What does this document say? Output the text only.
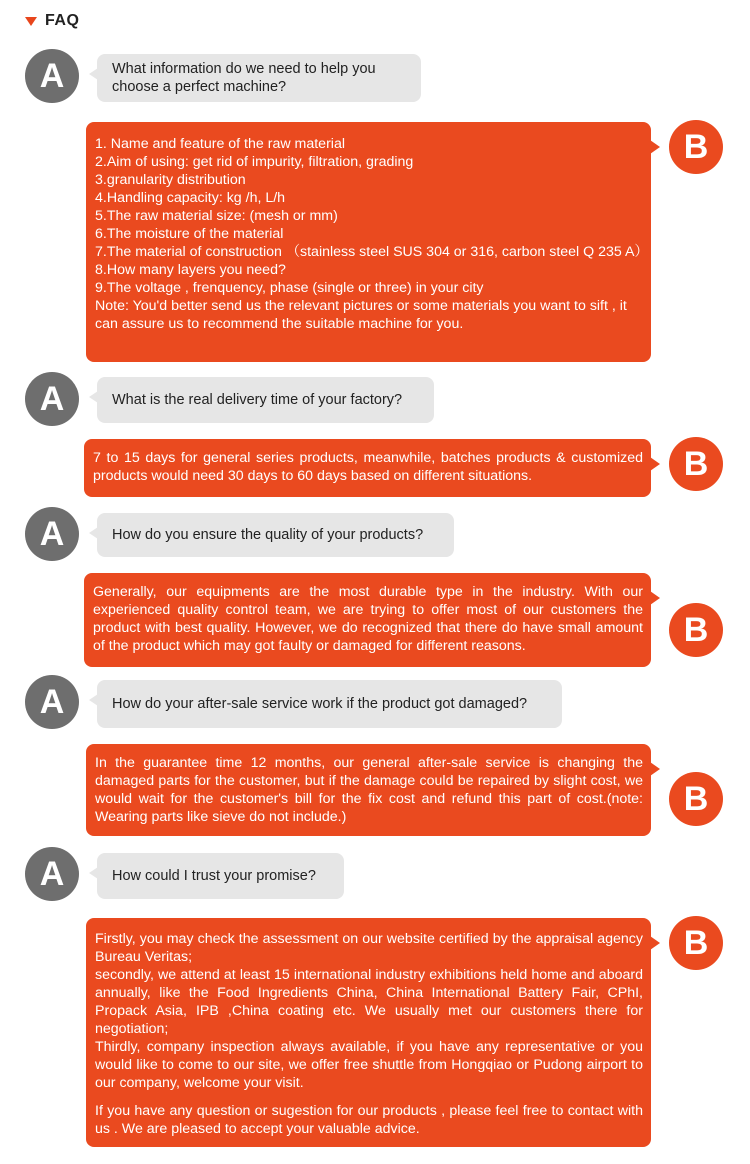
FAQ
A	What information do we need to help you choose a perfect machine?
1. Name and feature of the raw material
2.Aim of using: get rid of impurity, filtration, grading
3.granularity distribution
4.Handling capacity: kg /h, L/h
5.The raw material size: (mesh or mm)
6.The moisture of the material
7.The material of construction （stainless steel SUS 304 or 316, carbon steel Q 235 A）
8.How many layers you need?
9.The voltage , frenquency, phase (single or three) in your city
Note: You'd better send us the relevant pictures or some materials you want to sift , it can assure us to recommend the suitable machine for you.
B
A	What is the real delivery time of your factory?
7 to 15 days for general series products, meanwhile, batches products & customized products would need 30 days to 60 days based on different situations.	B
A	How do you ensure the quality of your products?
Generally, our equipments are the most durable type in the industry. With our experienced quality control team, we are trying to offer most of our customers the product with best quality. However, we do recognized that there do have small amount of the product which may got faulty or damaged for different reasons.	B
A	How do your after-sale service work if the product got damaged?
In the guarantee time 12 months, our general after-sale service is changing the damaged parts for the customer, but if the damage could be repaired by slight cost, we would wait for the customer's bill for the fix cost and refund this part of cost.(note: Wearing parts like sieve do not include.)	B
A	How could I trust your promise?
Firstly, you may check the assessment on our website certified by the appraisal agency Bureau Veritas;
secondly, we attend at least 15 international industry exhibitions held home and aboard annually, like the Food Ingredients China, China International Battery Fair, CPhI, Propack Asia, IPB ,China coating etc. We usually met our customers there for negotiation;
Thirdly, company inspection always available, if you have any representative or you would like to come to our site, we offer free shuttle from Hongqiao or Pudong airport to our company, welcome your visit.
If you have any question or sugestion for our products , please feel free to contact with us . We are pleased to accept your valuable advice.
B
